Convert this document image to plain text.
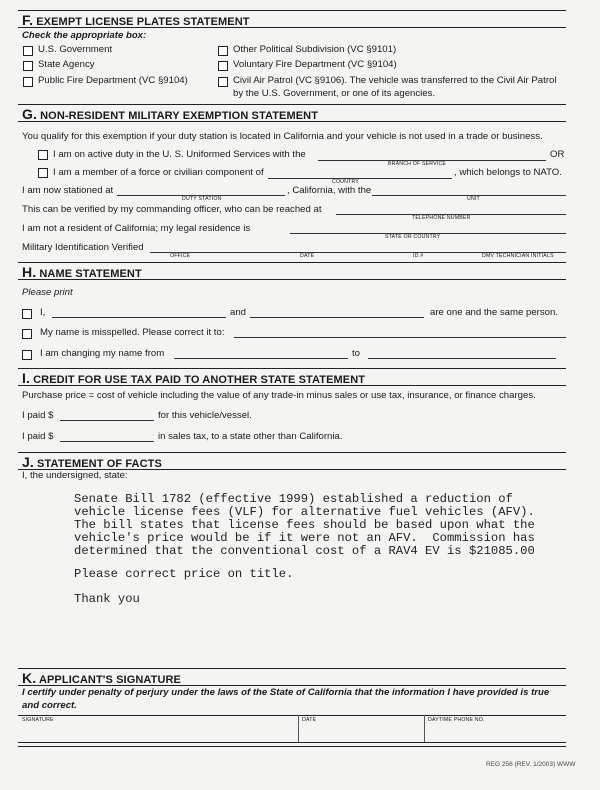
F. EXEMPT LICENSE PLATES STATEMENT
Check the appropriate box:
U.S. Government
State Agency
Public Fire Department (VC §9104)
Other Political Subdivision (VC §9101)
Voluntary Fire Department (VC §9104)
Civil Air Patrol (VC §9106). The vehicle was transferred to the Civil Air Patrol
by the U.S. Government, or one of its agencies.
G. NON-RESIDENT MILITARY EXEMPTION STATEMENT
You qualify for this exemption if your duty station is located in California and your vehicle is not used in a trade or business.
I am on active duty in the U. S. Uniformed Services with the
BRANCH OF SERVICE
OR
I am a member of a force or civilian component of
COUNTRY
, which belongs to NATO.
I am now stationed at
DUTY STATION
, California, with the
UNIT
This can be verified by my commanding officer, who can be reached at
TELEPHONE NUMBER
I am not a resident of California; my legal residence is
STATE OR COUNTRY
Military Identification Verified
OFFICE	DATE	ID #	DMV TECHNICIAN INITIALS
H. NAME STATEMENT
Please print
I,	and	are one and the same person.
My name is misspelled. Please correct it to:
I am changing my name from	to
I. CREDIT FOR USE TAX PAID TO ANOTHER STATE STATEMENT
Purchase price = cost of vehicle including the value of any trade-in minus sales or use tax, insurance, or finance charges.
I paid $	for this vehicle/vessel.
I paid $	in sales tax, to a state other than California.
J. STATEMENT OF FACTS
I, the undersigned, state:
Senate Bill 1782 (effective 1999) established a reduction of
vehicle license fees (VLF) for alternative fuel vehicles (AFV).
The bill states that license fees should be based upon what the
vehicle's price would be if it were not an AFV.  Commission has
determined that the conventional cost of a RAV4 EV is $21085.00
Please correct price on title.
Thank you
K. APPLICANT'S SIGNATURE
I certify under penalty of perjury under the laws of the State of California that the information I have provided is true
and correct.
SIGNATURE	DATE	DAYTIME PHONE NO.
REG 256 (REV. 1/2003) WWW
